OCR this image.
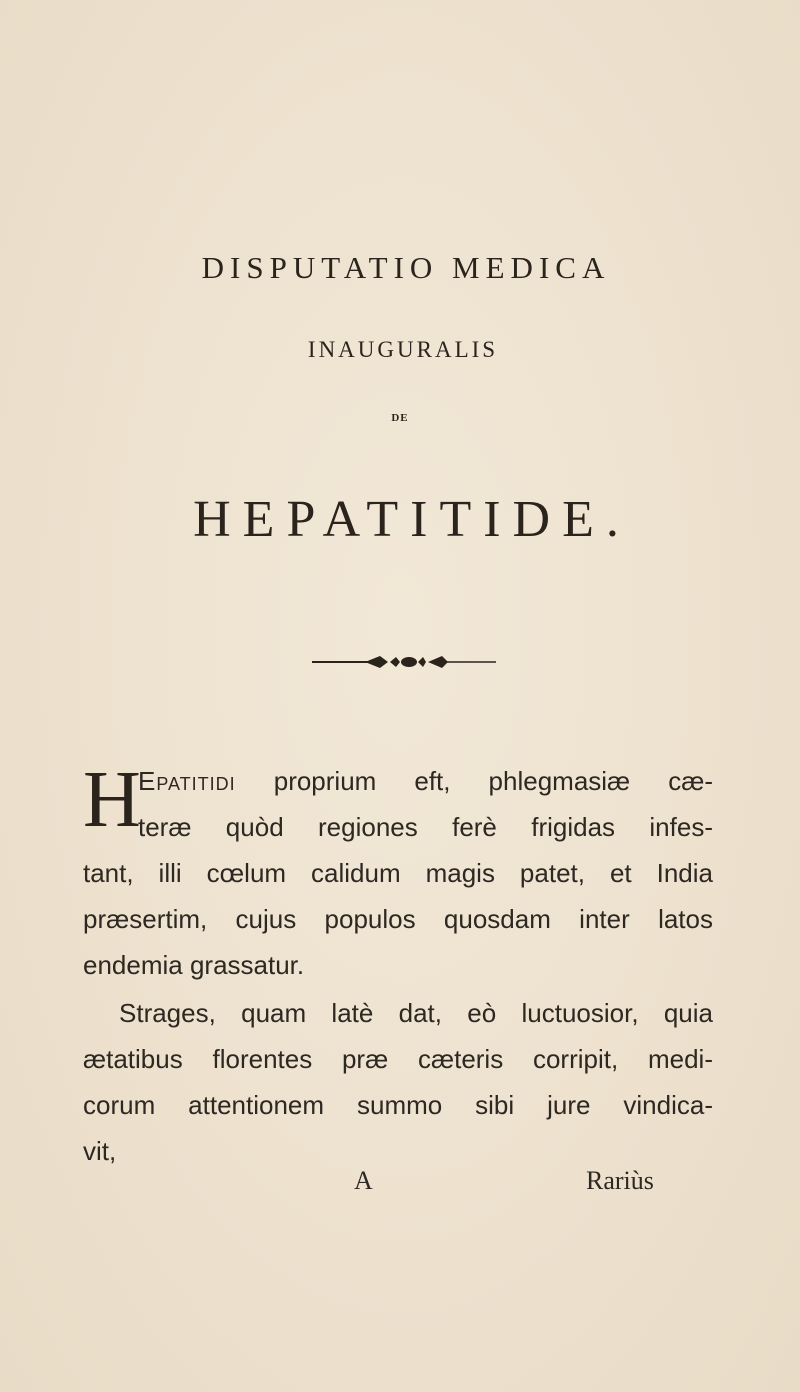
DISPUTATIO MEDICA
INAUGURALIS
DE
HEPATITIDE.
H
Epatitidi proprium eft, phlegmasiæ cæ-
teræ quòd regiones ferè frigidas infes-
tant, illi cœlum calidum magis patet, et India
præsertim, cujus populos quosdam inter latos
endemia grassatur.
Strages, quam latè dat, eò luctuosior, quia
ætatibus florentes præ cæteris corripit, medi-
corum attentionem summo sibi jure vindica-
vit,
A	Rariùs
